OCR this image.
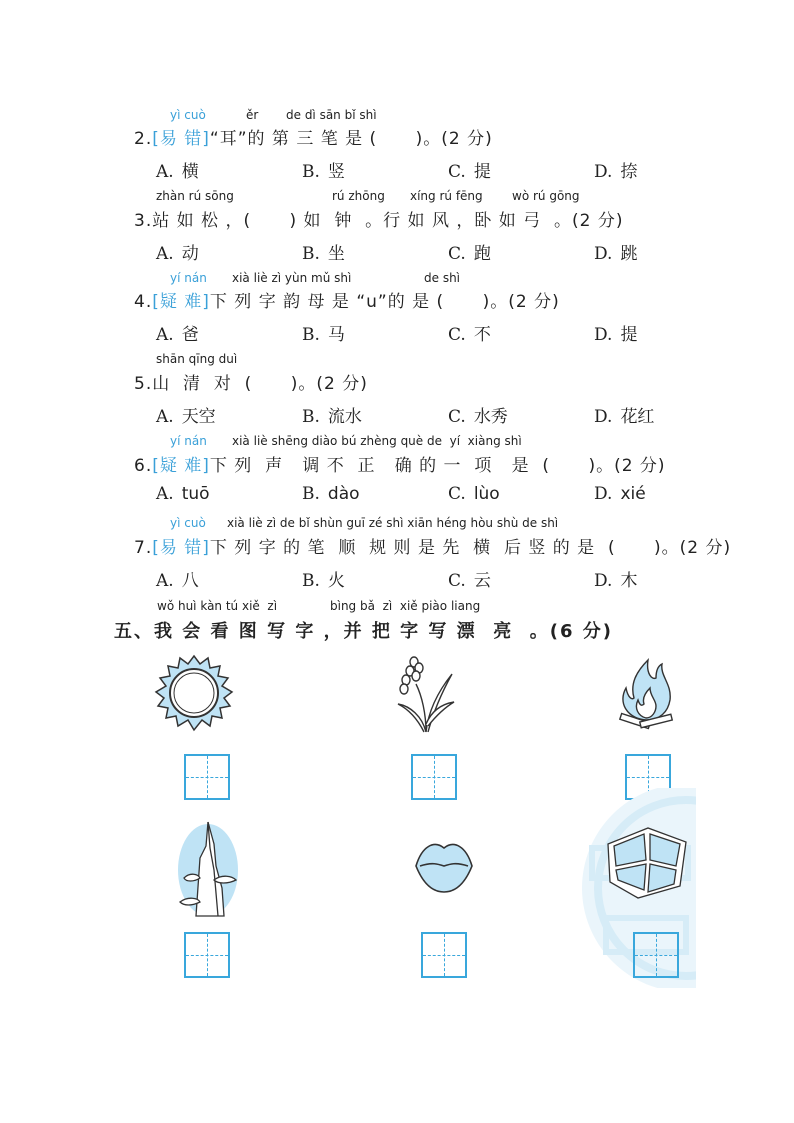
yì cuò	ěr de dì sān bǐ shì
2.[易 错]“耳”的 第 三 笔 是 (      )。(2 分)
A. 横	B. 竖	C. 提	D. 捺
zhàn rú sōng	rú zhōng xíng rú fēng wò rú gōng
3.站 如 松 ，(      ) 如  钟  。行 如 风 ，卧 如 弓  。(2 分)
A. 动	B. 坐	C. 跑	D. 跳
yí nán xià liè zì yùn mǔ shì	de shì
4.[疑 难]下 列 字 韵 母 是 “u”的 是 (      )。(2 分)
A. 爸	B. 马	C. 不	D. 提
shān qīng duì
5.山  清  对  (      )。(2 分)
A. 天空	B. 流水	C. 水秀	D. 花红
yí nán xià liè shēng diào bú zhèng què de  yí  xiàng shì
6.[疑 难]下 列  声   调 不  正   确 的 一  项   是  (      )。(2 分)
A. tuō	B. dào	C. lùo	D. xié
yì cuò xià liè zì de bǐ shùn guī zé shì xiān héng hòu shù de shì
7.[易 错]下 列 字 的 笔  顺  规 则 是 先  横  后 竖 的 是  (      )。(2 分)
A. 八	B. 火	C. 云	D. 木
wǒ huì kàn tú xiě  zì	bìng bǎ  zì  xiě piào liang
五、我 会 看 图 写 字 ，并 把 字 写 漂  亮  。(6 分)
